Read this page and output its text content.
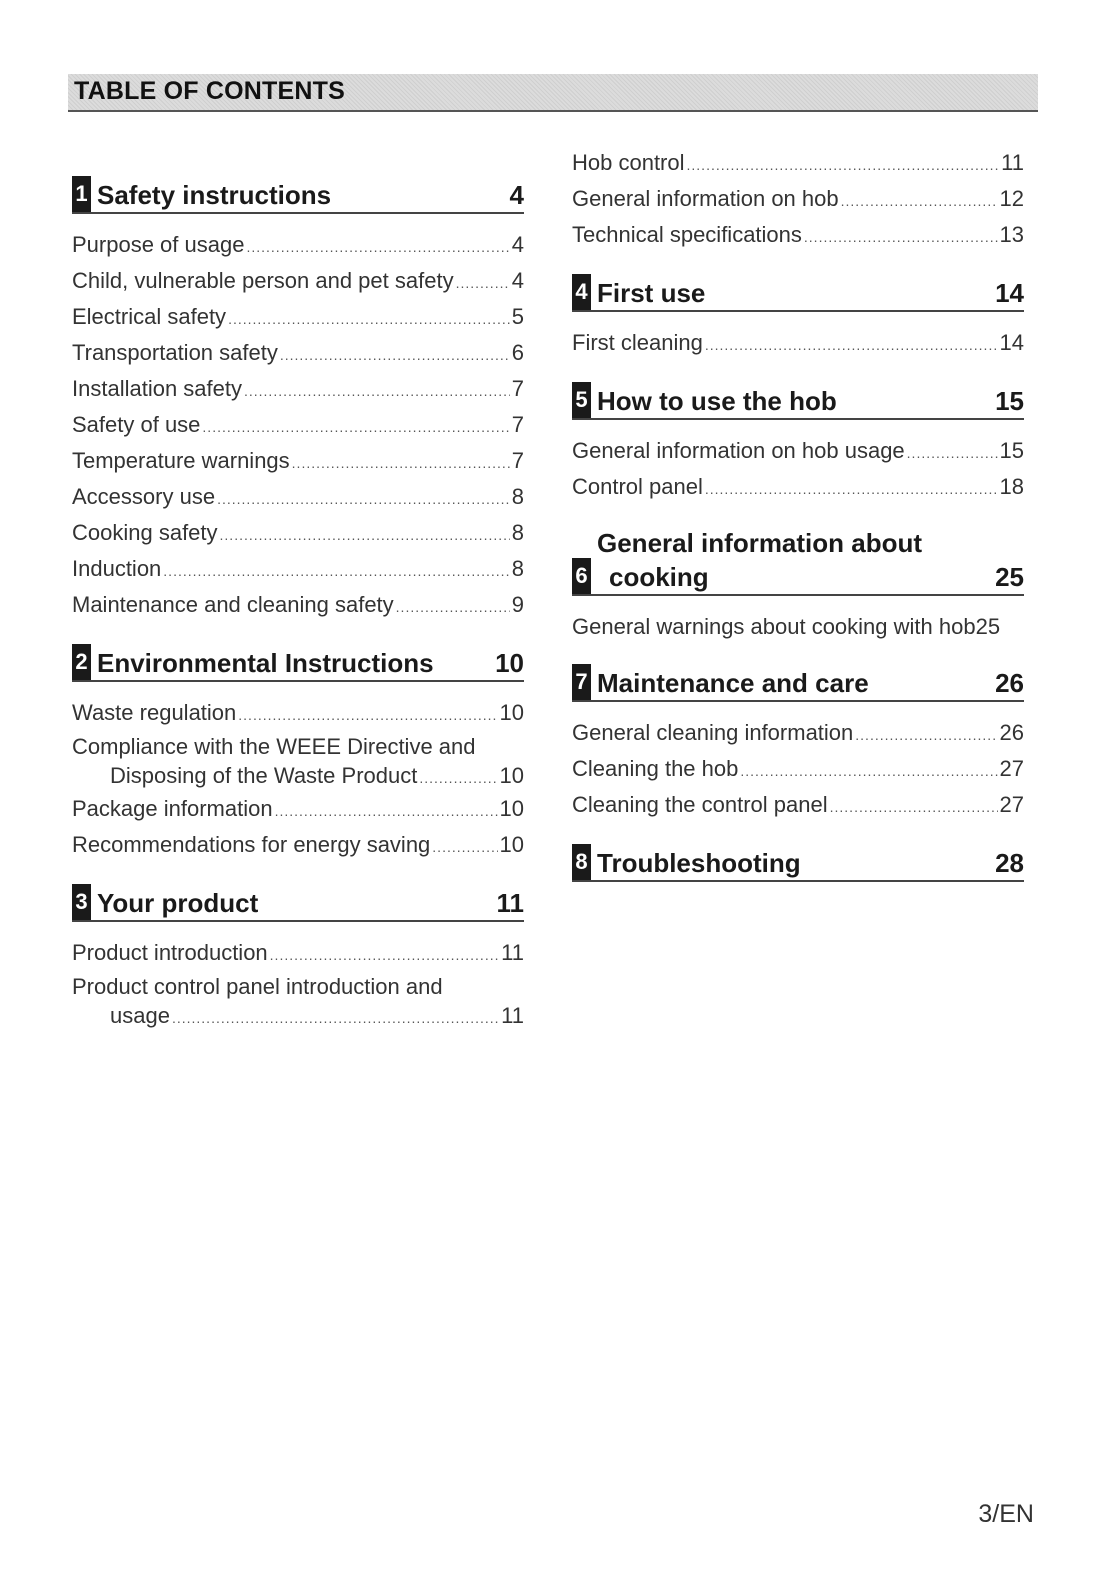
TABLE OF CONTENTS
1 Safety instructions	4
Purpose of usage .....	4
Child, vulnerable person and pet safety .....	4
Electrical safety .....	5
Transportation safety .....	6
Installation safety .....	7
Safety of use .....	7
Temperature warnings .....	7
Accessory use .....	8
Cooking safety .....	8
Induction .....	8
Maintenance and cleaning safety .....	9
2 Environmental Instructions	10
Waste regulation .....	10
Compliance with the WEEE Directive and
Disposing of the Waste Product .....	10
Package information .....	10
Recommendations for energy saving .....	10
3 Your product	11
Product introduction .....	11
Product control panel introduction and
usage .....	11
Hob control .....	11
General information on hob .....	12
Technical specifications .....	13
4 First use	14
First cleaning .....	14
5 How to use the hob	15
General information on hob usage .....	15
Control panel .....	18
6
General information about
cooking	25
General warnings about cooking with hob25
7 Maintenance and care	26
General cleaning information .....	26
Cleaning the hob .....	27
Cleaning the control panel .....	27
8 Troubleshooting	28
3/EN
